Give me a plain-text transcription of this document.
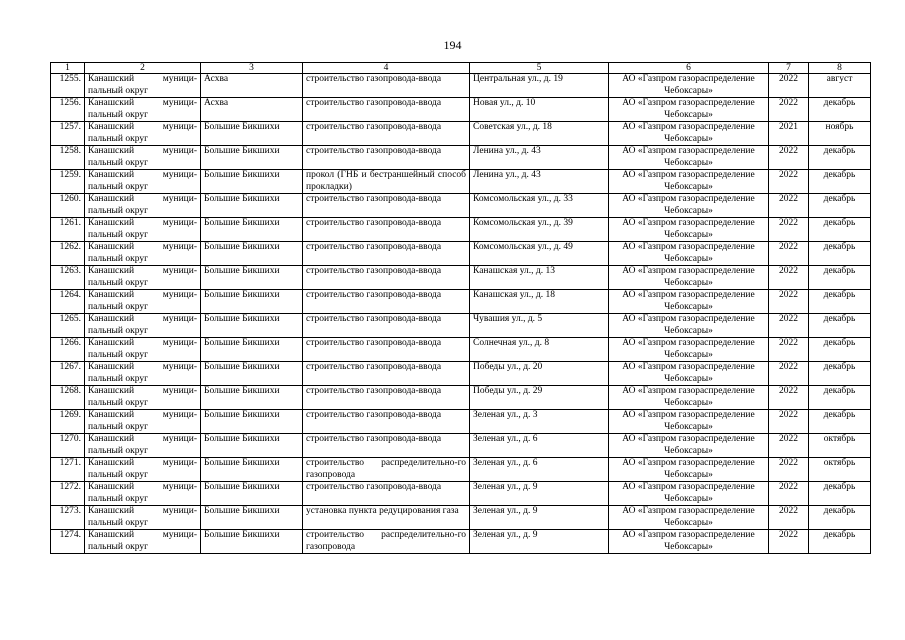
194
1	2	3	4	5	6	7	8
1255.	Канашский муници-пальный округ	Асхва	строительство газопровода-ввода	Центральная ул., д. 19	АО «Газпром газораспределение Чебоксары»	2022	август
1256.	Канашский муници-пальный округ	Асхва	строительство газопровода-ввода	Новая ул., д. 10	АО «Газпром газораспределение Чебоксары»	2022	декабрь
1257.	Канашский муници-пальный округ	Большие Бикшихи	строительство газопровода-ввода	Советская ул., д. 18	АО «Газпром газораспределение Чебоксары»	2021	ноябрь
1258.	Канашский муници-пальный округ	Большие Бикшихи	строительство газопровода-ввода	Ленина ул., д. 43	АО «Газпром газораспределение Чебоксары»	2022	декабрь
1259.	Канашский муници-пальный округ	Большие Бикшихи	прокол (ГНБ и бестраншейный способ прокладки)	Ленина ул., д. 43	АО «Газпром газораспределение Чебоксары»	2022	декабрь
1260.	Канашский муници-пальный округ	Большие Бикшихи	строительство газопровода-ввода	Комсомольская ул., д. 33	АО «Газпром газораспределение Чебоксары»	2022	декабрь
1261.	Канашский муници-пальный округ	Большие Бикшихи	строительство газопровода-ввода	Комсомольская ул., д. 39	АО «Газпром газораспределение Чебоксары»	2022	декабрь
1262.	Канашский муници-пальный округ	Большие Бикшихи	строительство газопровода-ввода	Комсомольская ул., д. 49	АО «Газпром газораспределение Чебоксары»	2022	декабрь
1263.	Канашский муници-пальный округ	Большие Бикшихи	строительство газопровода-ввода	Канашская ул., д. 13	АО «Газпром газораспределение Чебоксары»	2022	декабрь
1264.	Канашский муници-пальный округ	Большие Бикшихи	строительство газопровода-ввода	Канашская ул., д. 18	АО «Газпром газораспределение Чебоксары»	2022	декабрь
1265.	Канашский муници-пальный округ	Большие Бикшихи	строительство газопровода-ввода	Чувашия ул., д. 5	АО «Газпром газораспределение Чебоксары»	2022	декабрь
1266.	Канашский муници-пальный округ	Большие Бикшихи	строительство газопровода-ввода	Солнечная ул., д. 8	АО «Газпром газораспределение Чебоксары»	2022	декабрь
1267.	Канашский муници-пальный округ	Большие Бикшихи	строительство газопровода-ввода	Победы ул., д. 20	АО «Газпром газораспределение Чебоксары»	2022	декабрь
1268.	Канашский муници-пальный округ	Большие Бикшихи	строительство газопровода-ввода	Победы ул., д. 29	АО «Газпром газораспределение Чебоксары»	2022	декабрь
1269.	Канашский муници-пальный округ	Большие Бикшихи	строительство газопровода-ввода	Зеленая ул., д. 3	АО «Газпром газораспределение Чебоксары»	2022	декабрь
1270.	Канашский муници-пальный округ	Большие Бикшихи	строительство газопровода-ввода	Зеленая ул., д. 6	АО «Газпром газораспределение Чебоксары»	2022	октябрь
1271.	Канашский муници-пальный округ	Большие Бикшихи	строительство распределительно-го газопровода	Зеленая ул., д. 6	АО «Газпром газораспределение Чебоксары»	2022	октябрь
1272.	Канашский муници-пальный округ	Большие Бикшихи	строительство газопровода-ввода	Зеленая ул., д. 9	АО «Газпром газораспределение Чебоксары»	2022	декабрь
1273.	Канашский муници-пальный округ	Большие Бикшихи	установка пункта редуцирования газа	Зеленая ул., д. 9	АО «Газпром газораспределение Чебоксары»	2022	декабрь
1274.	Канашский муници-пальный округ	Большие Бикшихи	строительство распределительно-го газопровода	Зеленая ул., д. 9	АО «Газпром газораспределение Чебоксары»	2022	декабрь
